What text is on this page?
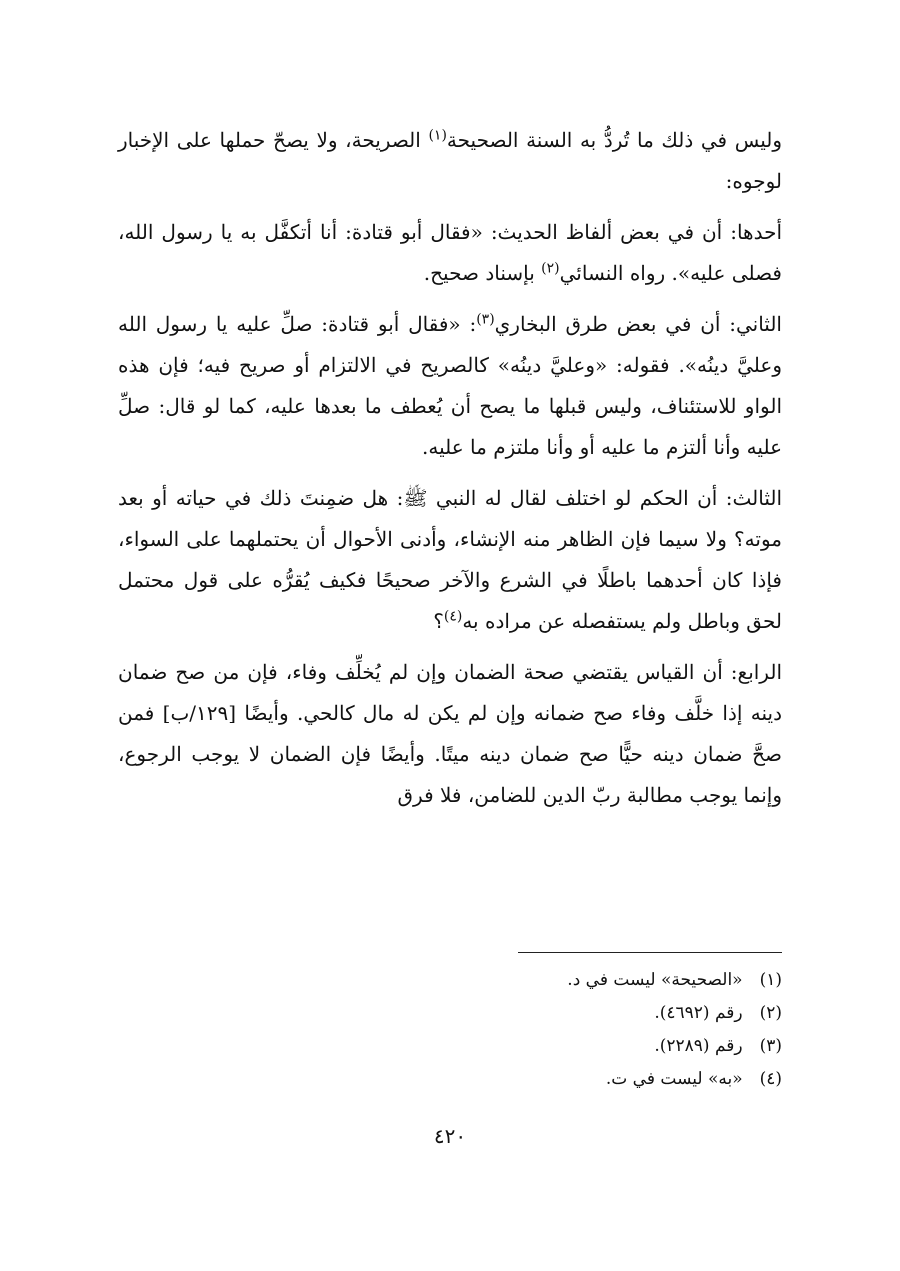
وليس في ذلك ما تُردُّ به السنة الصحيحة$^{(١)}$ الصريحة، ولا يصحّ حملها على الإخبار لوجوه:

أحدها: أن في بعض ألفاظ الحديث: «فقال أبو قتادة: أنا أتكفَّل به يا رسول الله، فصلى عليه». رواه النسائي$^{(٢)}$ بإسناد صحيح.

الثاني: أن في بعض طرق البخاري$^{(٣)}$: «فقال أبو قتادة: صلِّ عليه يا رسول الله وعليَّ دينُه». فقوله: «وعليَّ دينُه» كالصريح في الالتزام أو صريح فيه؛ فإن هذه الواو للاستئناف، وليس قبلها ما يصح أن يُعطف ما بعدها عليه، كما لو قال: صلِّ عليه وأنا ألتزم ما عليه أو وأنا ملتزم ما عليه.

الثالث: أن الحكم لو اختلف لقال له النبي ﷺ: هل ضمِنتَ ذلك في حياته أو بعد موته؟ ولا سيما فإن الظاهر منه الإنشاء، وأدنى الأحوال أن يحتملهما على السواء، فإذا كان أحدهما باطلًا في الشرع والآخر صحيحًا فكيف يُقرُّه على قول محتمل لحق وباطل ولم يستفصله عن مراده به$^{(٤)}$؟

الرابع: أن القياس يقتضي صحة الضمان وإن لم يُخلِّف وفاء، فإن من صح ضمان دينه إذا خلَّف وفاء صح ضمانه وإن لم يكن له مال كالحي. وأيضًا [١٢٩/ب] فمن صحَّ ضمان دينه حيًّا صح ضمان دينه ميتًا. وأيضًا فإن الضمان لا يوجب الرجوع، وإنما يوجب مطالبة ربّ الدين للضامن، فلا فرق

(١) «الصحيحة» ليست في د.

(٢) رقم (٤٦٩٢).

(٣) رقم (٢٢٨٩).

(٤) «به» ليست في ت.

٤٢٠
